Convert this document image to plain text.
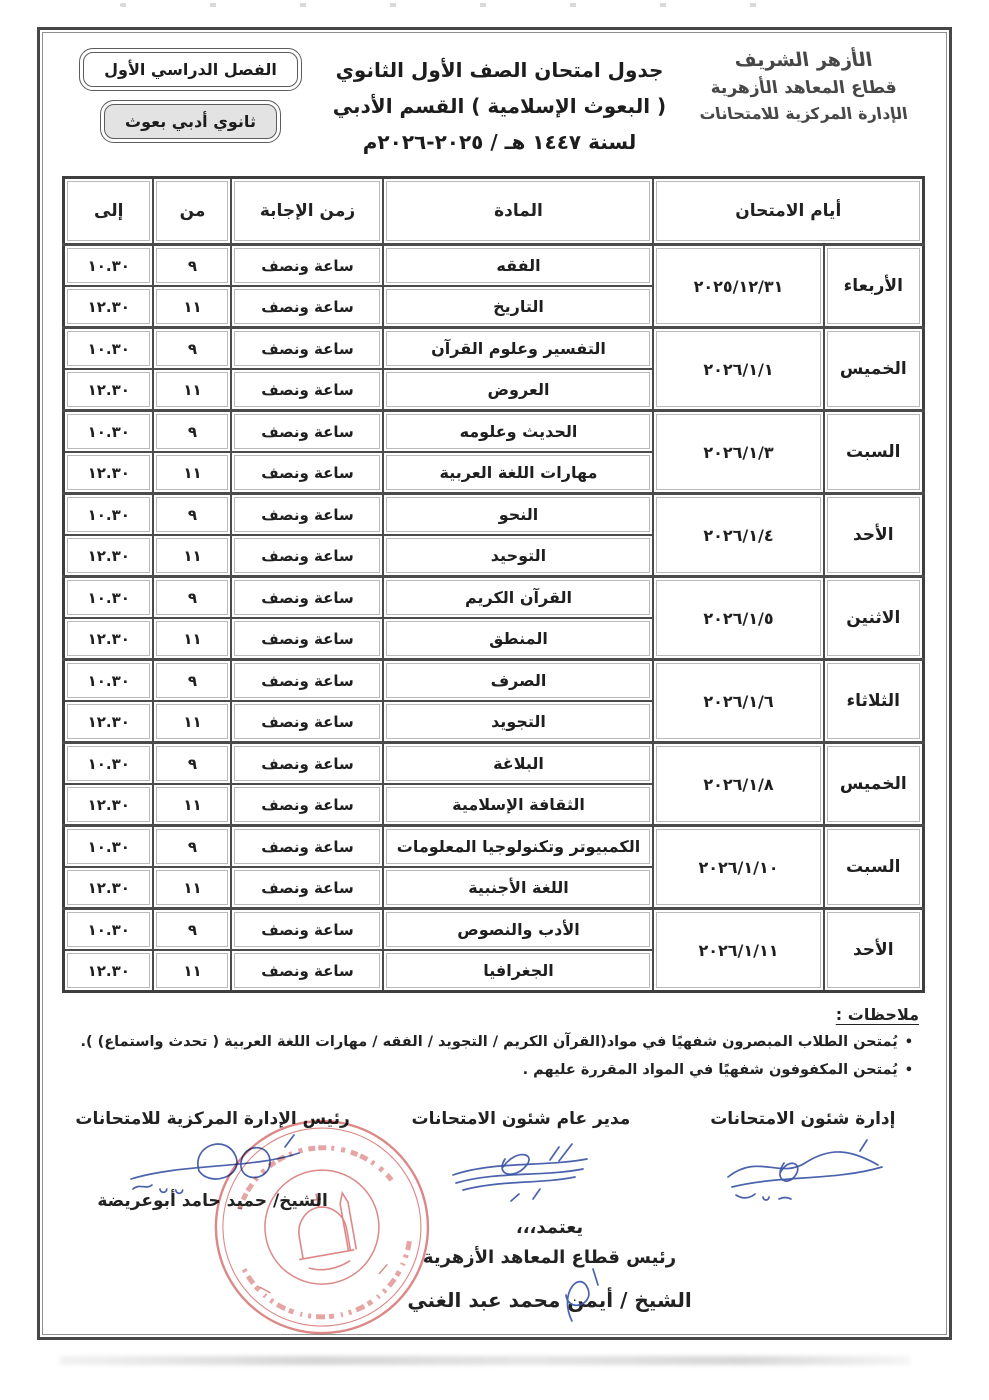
الأزهر الشريف
قطاع المعاهد الأزهرية
الإدارة المركزية للامتحانات
جدول امتحان الصف الأول الثانوي
( البعوث الإسلامية ) القسم الأدبي
لسنة ١٤٤٧ هـ / ٢٠٢٥-٢٠٢٦م
الفصل الدراسي الأول
ثانوي أدبي بعوث
أيام الامتحان		المادة	زمن الإجابة	من	إلى
الأربعاء	٢٠٢٥/١٢/٣١	الفقه	ساعة ونصف	٩	١٠.٣٠
		التاريخ	ساعة ونصف	١١	١٢.٣٠
الخميس	٢٠٢٦/١/١	التفسير وعلوم القرآن	ساعة ونصف	٩	١٠.٣٠
		العروض	ساعة ونصف	١١	١٢.٣٠
السبت	٢٠٢٦/١/٣	الحديث وعلومه	ساعة ونصف	٩	١٠.٣٠
		مهارات اللغة العربية	ساعة ونصف	١١	١٢.٣٠
الأحد	٢٠٢٦/١/٤	النحو	ساعة ونصف	٩	١٠.٣٠
		التوحيد	ساعة ونصف	١١	١٢.٣٠
الاثنين	٢٠٢٦/١/٥	القرآن الكريم	ساعة ونصف	٩	١٠.٣٠
		المنطق	ساعة ونصف	١١	١٢.٣٠
الثلاثاء	٢٠٢٦/١/٦	الصرف	ساعة ونصف	٩	١٠.٣٠
		التجويد	ساعة ونصف	١١	١٢.٣٠
الخميس	٢٠٢٦/١/٨	البلاغة	ساعة ونصف	٩	١٠.٣٠
		الثقافة الإسلامية	ساعة ونصف	١١	١٢.٣٠
السبت	٢٠٢٦/١/١٠	الكمبيوتر وتكنولوجيا المعلومات	ساعة ونصف	٩	١٠.٣٠
		اللغة الأجنبية	ساعة ونصف	١١	١٢.٣٠
الأحد	٢٠٢٦/١/١١	الأدب والنصوص	ساعة ونصف	٩	١٠.٣٠
		الجغرافيا	ساعة ونصف	١١	١٢.٣٠
ملاحظات :
• يُمتحن الطلاب المبصرون شفهيًا في مواد(القرآن الكريم / التجويد / الفقه / مهارات اللغة العربية ( تحدث واستماع) ).
• يُمتحن المكفوفون شفهيًا في المواد المقررة عليهم .
إدارة شئون الامتحانات
مدير عام شئون الامتحانات
رئيس الإدارة المركزية للامتحانات
الشيخ/ حميد حامد أبوعريضة
يعتمد،،،
رئيس قطاع المعاهد الأزهرية
الشيخ / أيمن محمد عبد الغني
